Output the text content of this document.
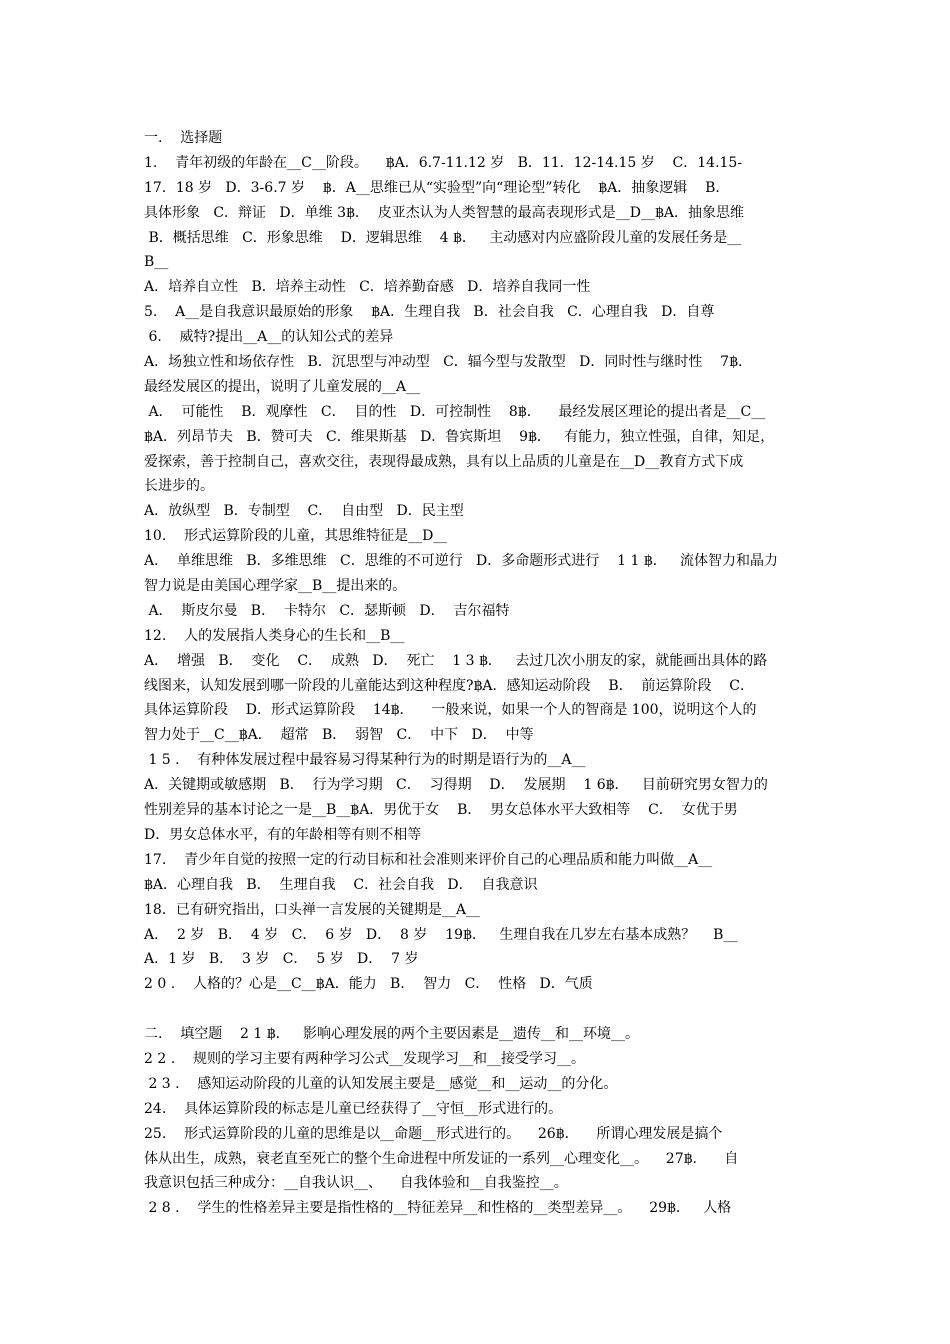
一.    选择题
1.    青年初级的年龄在__C__阶段。    ฿A．6.7-11.12 岁   B．11．12-14.15 岁    C．14.15-
17．18 岁   D．3-6.7 岁    ฿．A__思维已从“实验型”向“理论型”转化    ฿A．抽象逻辑    B．
具体形象   C．辩证   D．单维 3฿．  皮亚杰认为人类智慧的最高表现形式是__D__฿A．抽象思维
B．概括思维   C．形象思维    D．逻辑思维    4 ฿．   主动感对内应盛阶段儿童的发展任务是__
B__
A．培养自立性   B．培养主动性   C．培养勤奋感   D．培养自我同一性
5.    A__是自我意识最原始的形象    ฿A．生理自我   B．社会自我   C．心理自我   D．自尊
6.    威特?提出__A__的认知公式的差异
A．场独立性和场依存性   B．沉思型与冲动型   C．辐今型与发散型   D．同时性与继时性    7฿．
最经发展区的提出，说明了儿童发展的__A__
A．  可能性    B．观摩性   C．  目的性   D．可控制性    8฿．    最经发展区理论的提出者是__C__
฿A．列昂节夫   B．赞可夫   C．维果斯基   D．鲁宾斯坦    9฿．   有能力，独立性强，自律，知足，
爱探索，善于控制自己，喜欢交往，表现得最成熟，具有以上品质的儿童是在__D__教育方式下成
长进步的。
A．放纵型   B．专制型    C．  自由型   D．民主型
10.    形式运算阶段的儿童，其思维特征是__D__
A．  单维思维   B．多维思维   C．思维的不可逆行   D．多命题形式进行    1 1 ฿．   流体智力和晶力
智力说是由美国心理学家__B__提出来的。
A．  斯皮尔曼   B．  卡特尔   C．瑟斯顿   D．  吉尔福特
12.    人的发展指人类身心的生长和__B__
A．  增强   B．  变化    C．  成熟   D．  死亡    1 3 ฿．   去过几次小朋友的家，就能画出具体的路
线图来，认知发展到哪一阶段的儿童能达到这种程度?฿A．感知运动阶段    B．  前运算阶段    C．
具体运算阶段    D．形式运算阶段    14฿．    一般来说，如果一个人的智商是 100，说明这个人的
智力处于__C__฿A．  超常   B．  弱智   C．  中下   D．  中等
1 5 .    有种体发展过程中最容易习得某种行为的时期是语行为的__A__
A．关键期或敏感期   B．  行为学习期   C．  习得期    D．  发展期    1 6฿．   目前研究男女智力的
性别差异的基本讨论之一是__B__฿A．男优于女    B．  男女总体水平大致相等    C．  女优于男
D．男女总体水平，有的年龄相等有则不相等
17.    青少年自觉的按照一定的行动目标和社会准则来评价自己的心理品质和能力叫做__A__
฿A．心理自我   B．  生理自我    C．社会自我   D．  自我意识
18．已有研究指出，口头禅一言发展的关键期是__A__
A．  2 岁   B．  4 岁   C．  6 岁   D．  8 岁    19฿．   生理自我在几岁左右基本成熟？    B__
A．1 岁   B．  3 岁   C．  5 岁   D．  7 岁
2 0 .    人格的？心是__C__฿A．能力   B．  智力   C．  性格   D．气质
二.    填空题    2 1 ฿．   影响心理发展的两个主要因素是__遗传__和__环境__。
2 2 .    规则的学习主要有两种学习公式__发现学习__和__接受学习__。
2 3 .    感知运动阶段的儿童的认知发展主要是__感觉__和__运动__的分化。
24.    具体运算阶段的标志是儿童已经获得了__守恒__形式进行的。
25.    形式运算阶段的儿童的思维是以__命题__形式进行的。    26฿．    所谓心理发展是搞个
体从出生，成熟，衰老直至死亡的整个生命进程中所发证的一系列__心理变化__。    27฿．    自
我意识包括三种成分：__自我认识__、    自我体验和__自我鉴控__。
2 8 .    学生的性格差异主要是指性格的__特征差异__和性格的__类型差异__。    29฿．   人格
